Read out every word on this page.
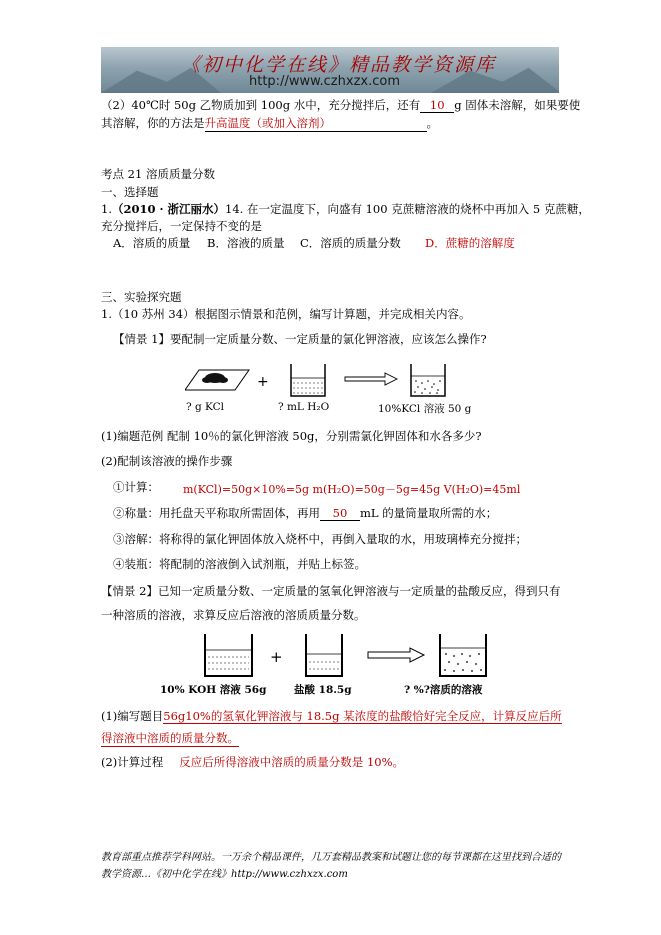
《初中化学在线》精品教学资源库
http://www.czhxzx.com
（2）40℃时 50g 乙物质加到 100g 水中，充分搅拌后，还有 10 g 固体未溶解，如果要使
其溶解，你的方法是升高温度（或加入溶剂）	。
考点 21 溶质质量分数
一、选择题
1.（2010 · 浙江丽水）14. 在一定温度下，向盛有 100 克蔗糖溶液的烧杯中再加入 5 克蔗糖，
充分搅拌后，一定保持不变的是
A．溶质的质量 B．溶液的质量 C．溶质的质量分数 D．蔗糖的溶解度
三、实验探究题
1.（10 苏州 34）根据图示情景和范例，编写计算题，并完成相关内容。
【情景 1】要配制一定质量分数、一定质量的氯化钾溶液，应该怎么操作?
+
? g KCl	? mL H₂O	10%KCl 溶液 50 g
(1)编题范例 配制 10％的氯化钾溶液 50g，分别需氯化钾固体和水各多少?
(2)配制该溶液的操作步骤
①计算： m(KCl)=50g×10%=5g m(H₂O)=50g－5g=45g V(H₂O)=45ml
②称量：用托盘天平称取所需固体，再用 50 mL 的量筒量取所需的水；
③溶解：将称得的氯化钾固体放入烧杯中，再倒入量取的水，用玻璃棒充分搅拌；
④装瓶：将配制的溶液倒入试剂瓶，并贴上标签。
【情景 2】已知一定质量分数、一定质量的氢氧化钾溶液与一定质量的盐酸反应，得到只有
一种溶质的溶液，求算反应后溶液的溶质质量分数。
+
10% KOH 溶液 56g	盐酸 18.5g	? %?溶质的溶液
(1)编写题目56g10%的氢氧化钾溶液与 18.5g 某浓度的盐酸恰好完全反应，计算反应后所
得溶液中溶质的质量分数。
(2)计算过程 反应后所得溶液中溶质的质量分数是 10%。
教育部重点推荐学科网站。一万余个精品课件，几万套精品教案和试题让您的每节课都在这里找到合适的
教学资源…《初中化学在线》http://www.czhxzx.com
